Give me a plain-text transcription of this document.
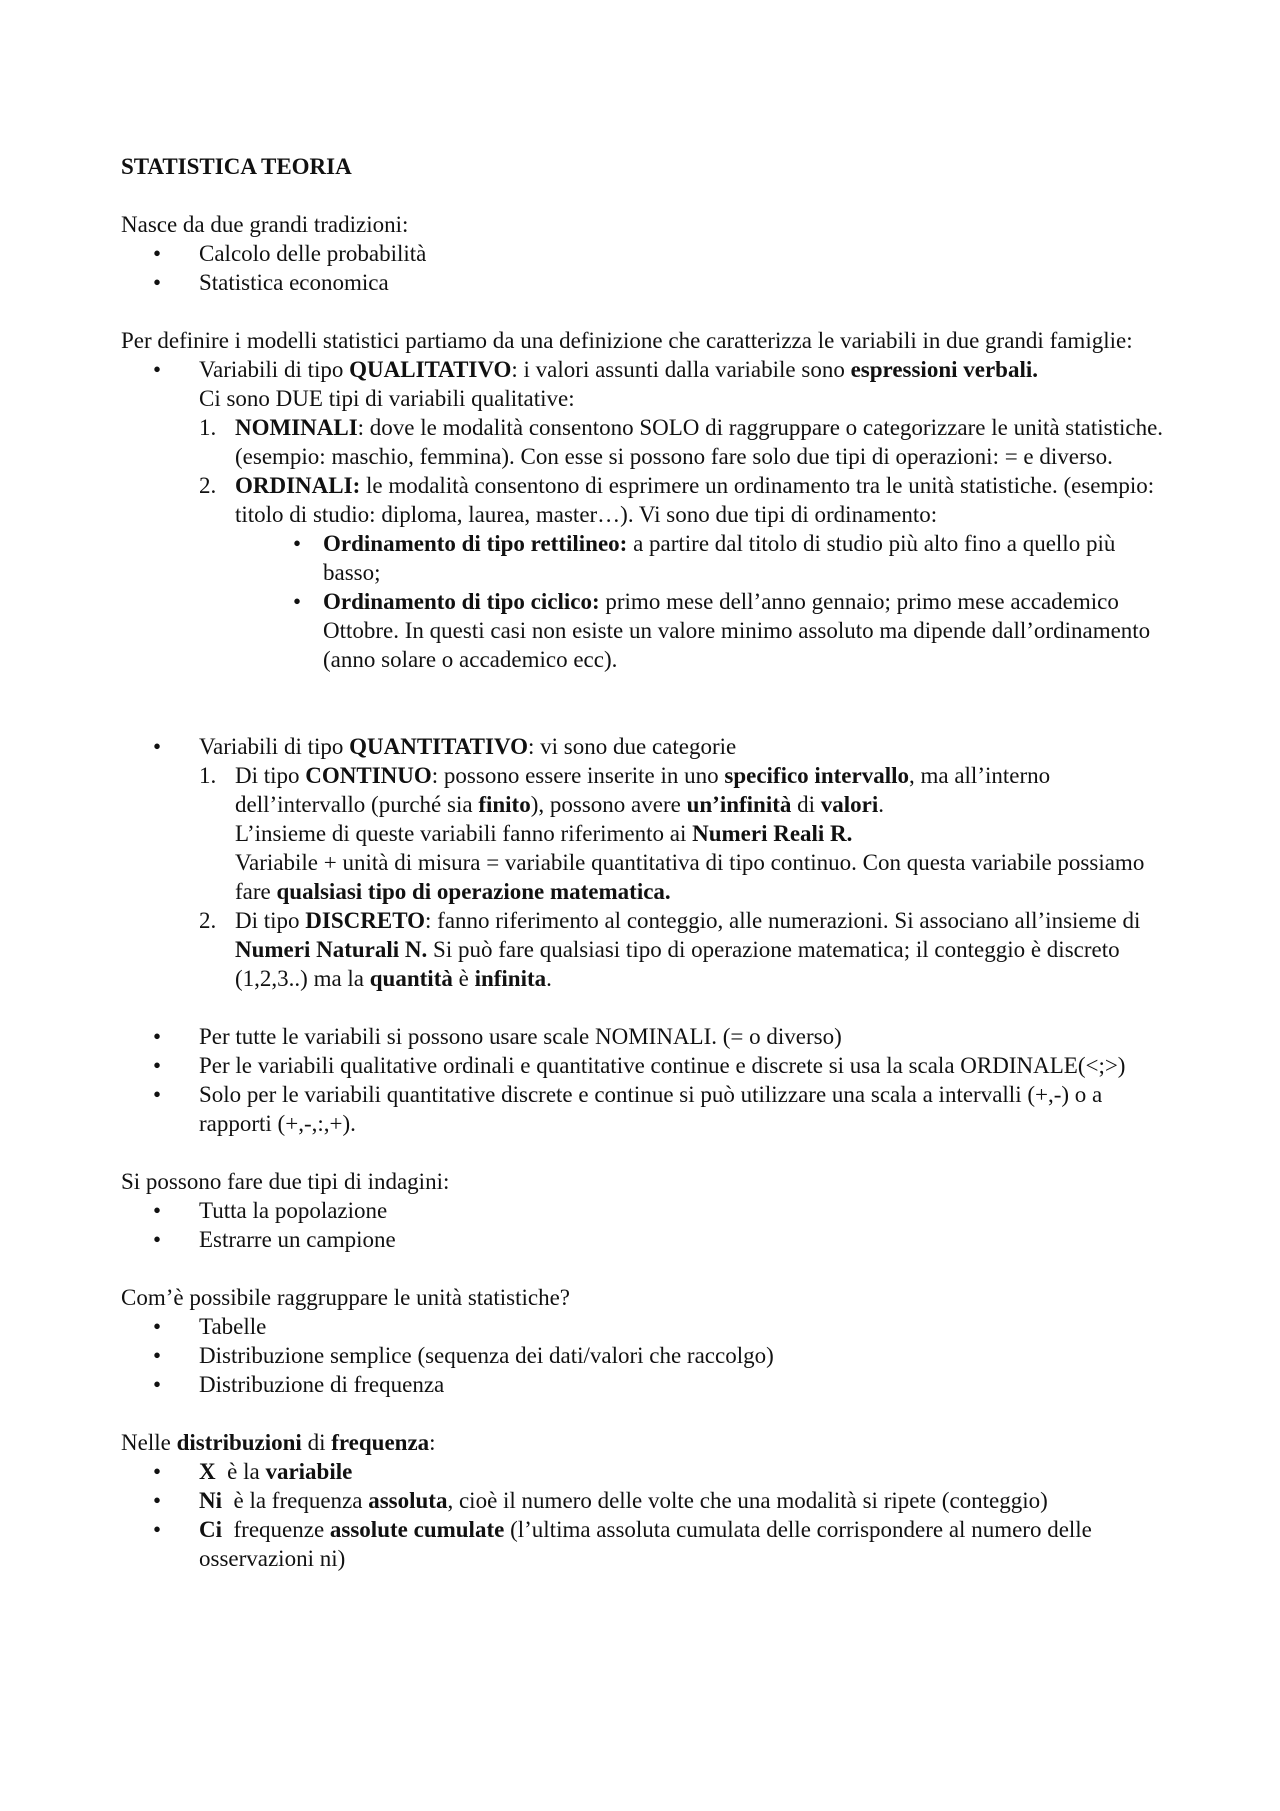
STATISTICA TEORIA

Nasce da due grandi tradizioni:

•	Calcolo delle probabilità
•	Statistica economica

Per definire i modelli statistici partiamo da una definizione che caratterizza le variabili in due grandi famiglie:

•	Variabili di tipo QUALITATIVO: i valori assunti dalla variabile sono espressioni verbali.
Ci sono DUE tipi di variabili qualitative:
1. NOMINALI: dove le modalità consentono SOLO di raggruppare o categorizzare le unità statistiche. (esempio: maschio, femmina). Con esse si possono fare solo due tipi di operazioni: = e diverso.
2. ORDINALI: le modalità consentono di esprimere un ordinamento tra le unità statistiche. (esempio: titolo di studio: diploma, laurea, master…). Vi sono due tipi di ordinamento:
• Ordinamento di tipo rettilineo: a partire dal titolo di studio più alto fino a quello più basso;
• Ordinamento di tipo ciclico: primo mese dell’anno gennaio; primo mese accademico Ottobre. In questi casi non esiste un valore minimo assoluto ma dipende dall’ordinamento (anno solare o accademico ecc).
•	Variabili di tipo QUANTITATIVO: vi sono due categorie
1. Di tipo CONTINUO: possono essere inserite in uno specifico intervallo, ma all’interno dell’intervallo (purché sia finito), possono avere un’infinità di valori.
L’insieme di queste variabili fanno riferimento ai Numeri Reali R.
Variabile + unità di misura = variabile quantitativa di tipo continuo. Con questa variabile possiamo fare qualsiasi tipo di operazione matematica.
2. Di tipo DISCRETO: fanno riferimento al conteggio, alle numerazioni. Si associano all’insieme di Numeri Naturali N. Si può fare qualsiasi tipo di operazione matematica; il conteggio è discreto (1,2,3..) ma la quantità è infinita.
•	Per tutte le variabili si possono usare scale NOMINALI. (= o diverso)
•	Per le variabili qualitative ordinali e quantitative continue e discrete si usa la scala ORDINALE(<;>)
•	Solo per le variabili quantitative discrete e continue si può utilizzare una scala a intervalli (+,-) o a rapporti (+,-,:,+).

Si possono fare due tipi di indagini:

•	Tutta la popolazione
•	Estrarre un campione

Com’è possibile raggruppare le unità statistiche?

•	Tabelle
•	Distribuzione semplice (sequenza dei dati/valori che raccolgo)
•	Distribuzione di frequenza

Nelle distribuzioni di frequenza:

•	X  è la variabile
•	Ni  è la frequenza assoluta, cioè il numero delle volte che una modalità si ripete (conteggio)
•	Ci  frequenze assolute cumulate (l’ultima assoluta cumulata delle corrispondere al numero delle osservazioni ni)
